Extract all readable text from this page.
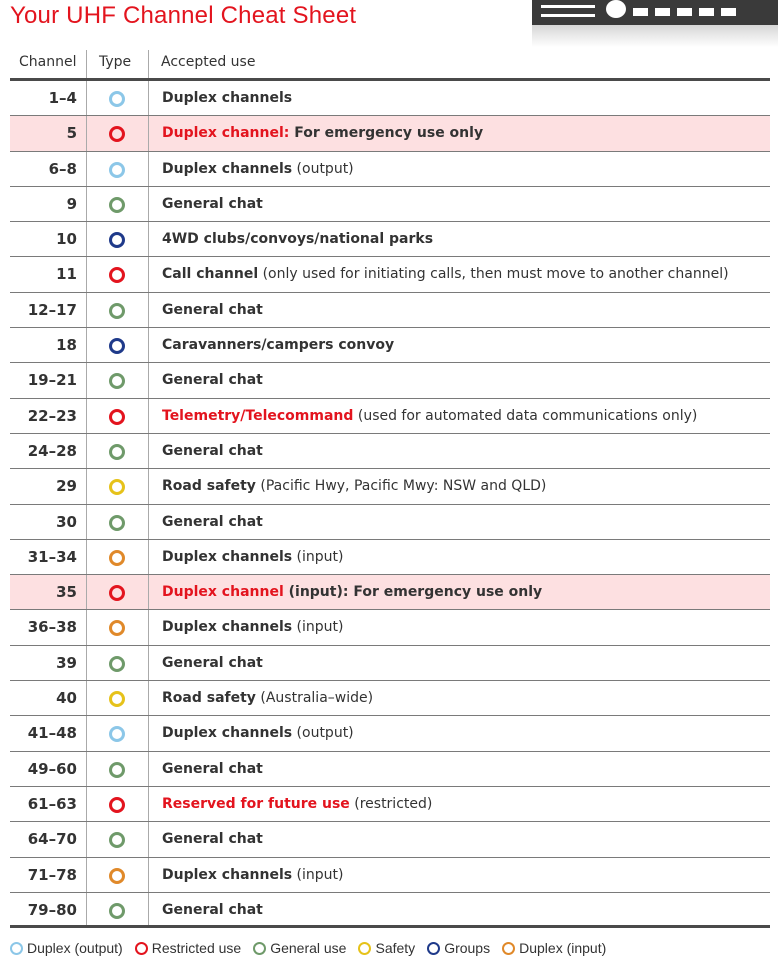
Your UHF Channel Cheat Sheet
Channel Type Accepted use
1–4	Duplex channels
5	Duplex channel: For emergency use only
6–8	Duplex channels (output)
9	General chat
10	4WD clubs/convoys/national parks
11	Call channel (only used for initiating calls, then must move to another channel)
12–17	General chat
18	Caravanners/campers convoy
19–21	General chat
22–23	Telemetry/Telecommand (used for automated data communications only)
24–28	General chat
29	Road safety (Pacific Hwy, Pacific Mwy: NSW and QLD)
30	General chat
31–34	Duplex channels (input)
35	Duplex channel (input): For emergency use only
36–38	Duplex channels (input)
39	General chat
40	Road safety (Australia–wide)
41–48	Duplex channels (output)
49–60	General chat
61–63	Reserved for future use (restricted)
64–70	General chat
71–78	Duplex channels (input)
79–80	General chat
Duplex (output) Restricted use General use Safety Groups Duplex (input)
